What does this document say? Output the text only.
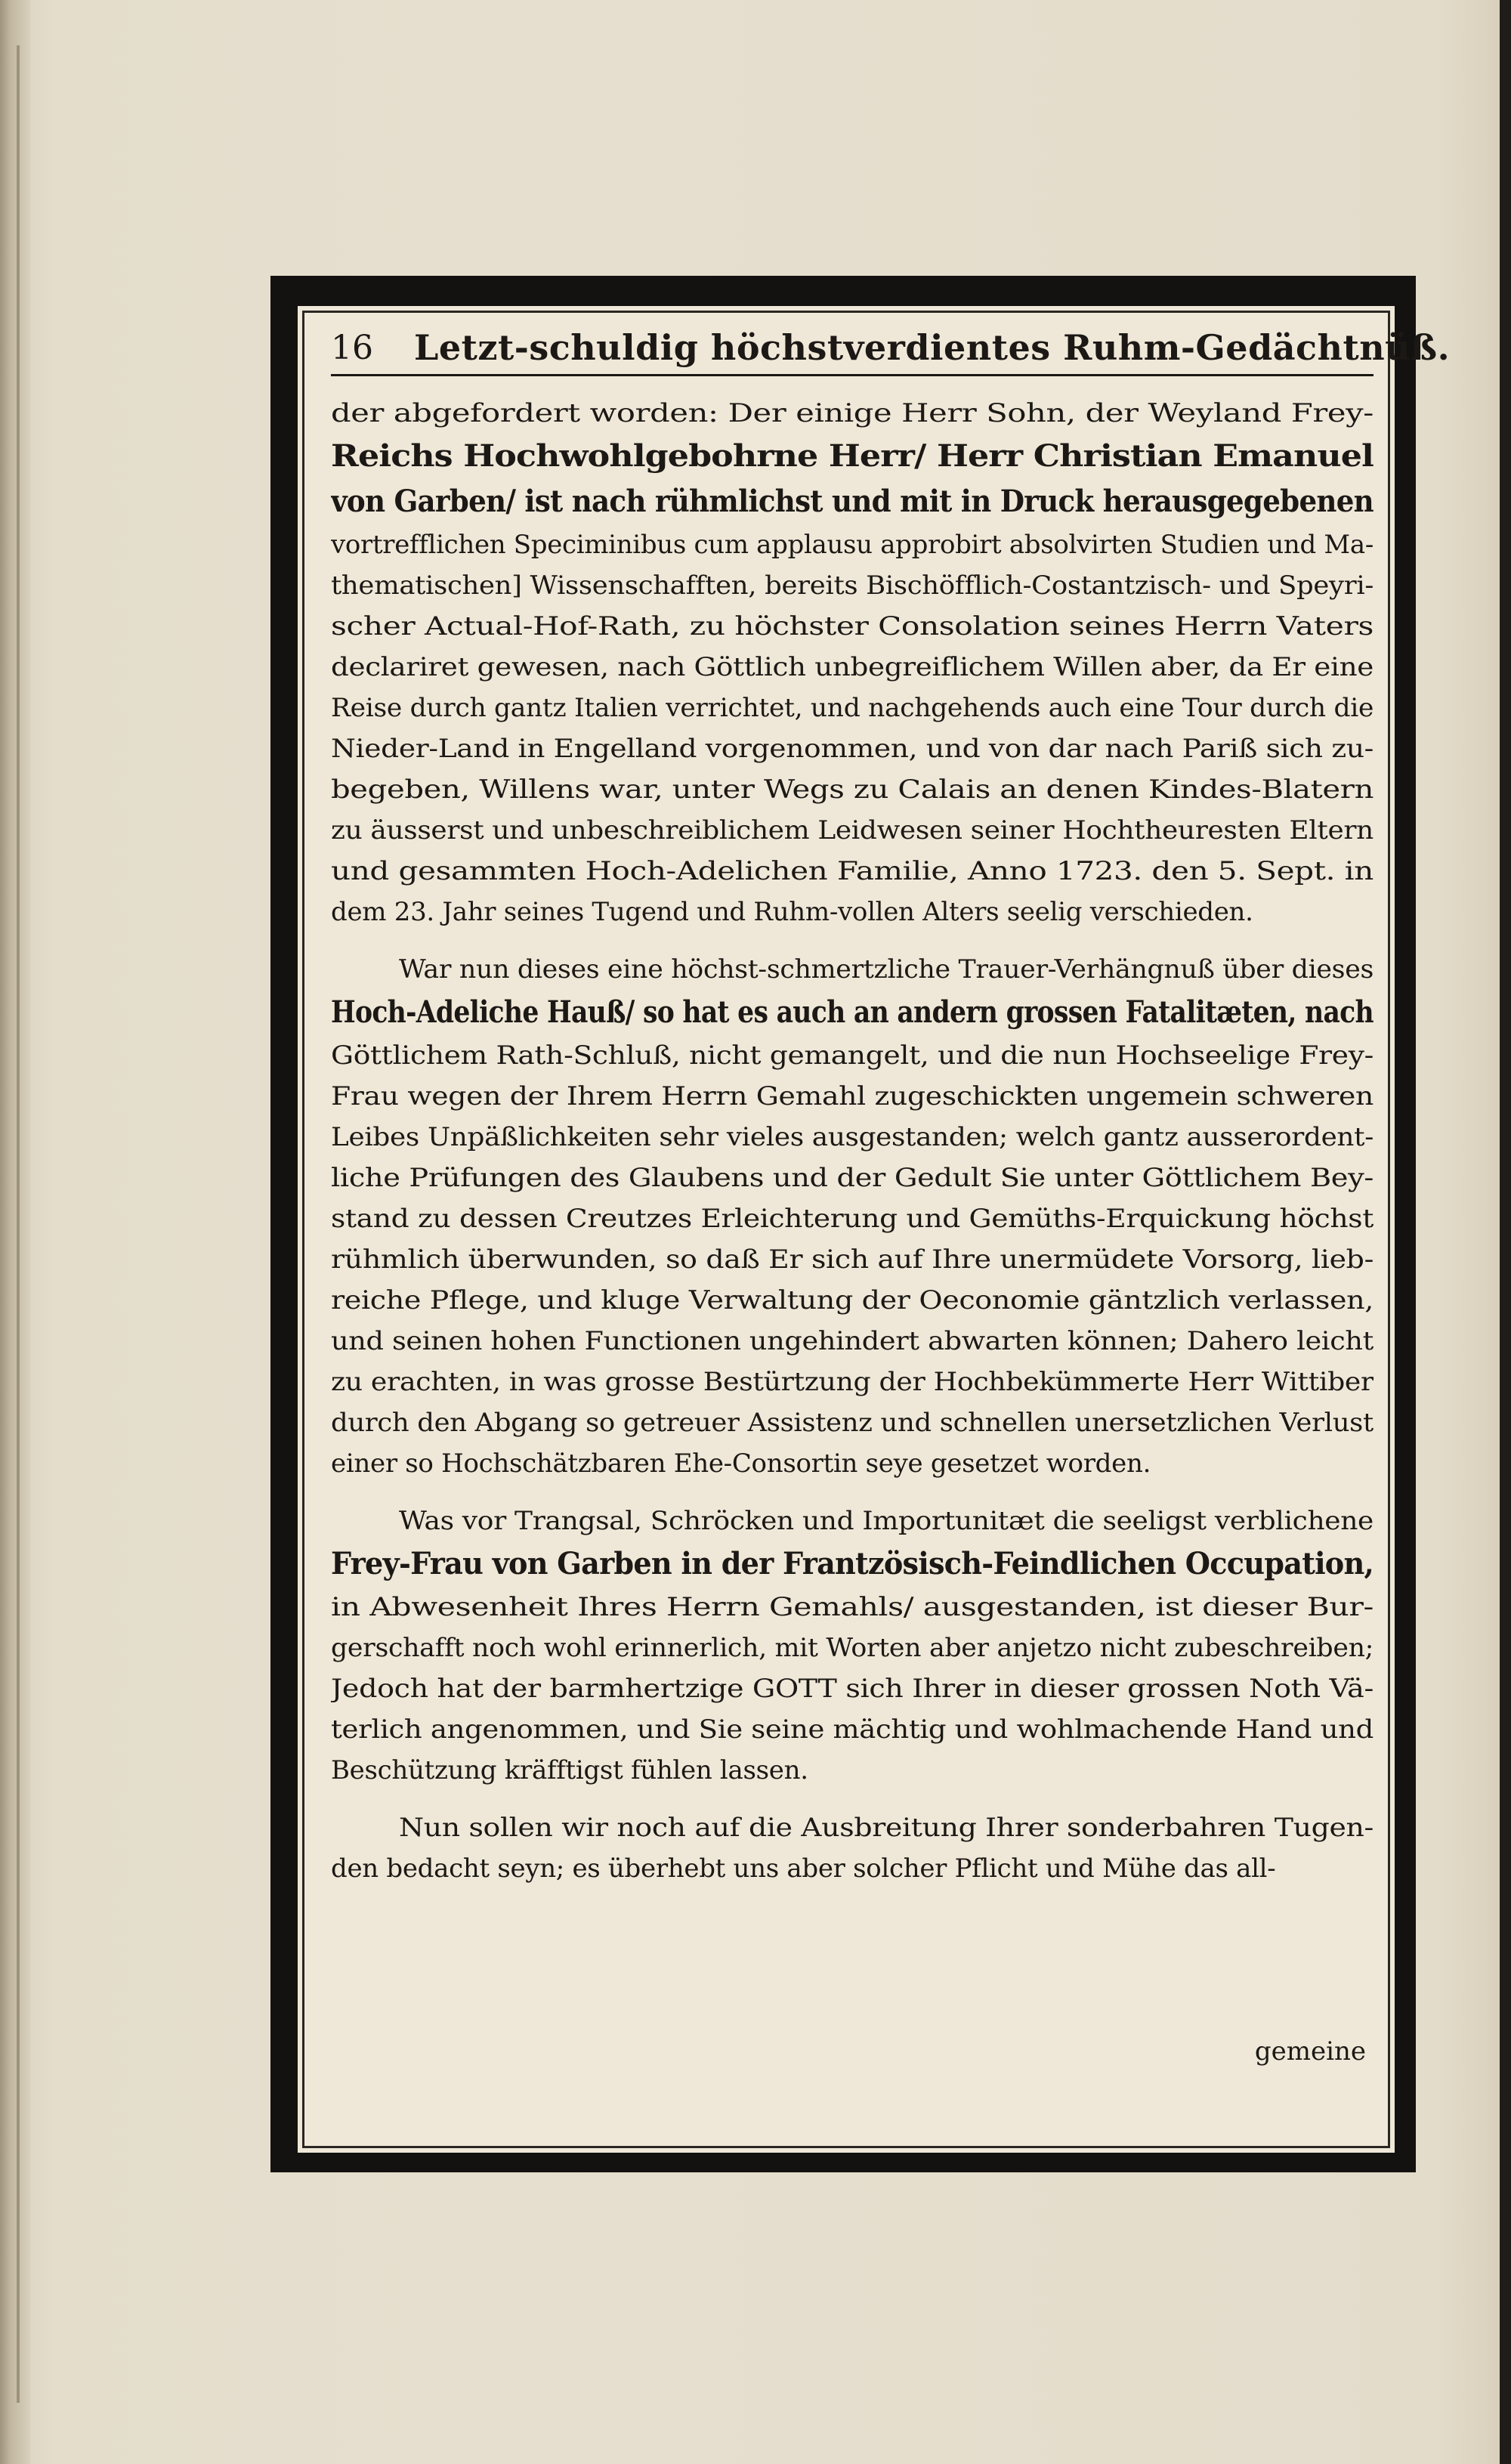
16 Letzt-schuldig höchstverdientes Ruhm-Gedächtnüß.
der abgefordert worden: Der einige Herr Sohn, der Weyland Frey-
Reichs Hochwohlgebohrne Herr/ Herr Christian Emanuel
von Garben/ ist nach rühmlichst und mit in Druck herausgegebenen
vortrefflichen Speciminibus cum applausu approbirt absolvirten Studien und Ma-
thematischen] Wissenschafften, bereits Bischöfflich-Costantzisch- und Speyri-
scher Actual-Hof-Rath, zu höchster Consolation seines Herrn Vaters
declariret gewesen, nach Göttlich unbegreiflichem Willen aber, da Er eine
Reise durch gantz Italien verrichtet, und nachgehends auch eine Tour durch die
Nieder-Land in Engelland vorgenommen, und von dar nach Pariß sich zu-
begeben, Willens war, unter Wegs zu Calais an denen Kindes-Blatern
zu äusserst und unbeschreiblichem Leidwesen seiner Hochtheuresten Eltern
und gesammten Hoch-Adelichen Familie, Anno 1723. den 5. Sept. in
dem 23. Jahr seines Tugend und Ruhm-vollen Alters seelig verschieden.
War nun dieses eine höchst-schmertzliche Trauer-Verhängnuß über dieses
Hoch-Adeliche Hauß/ so hat es auch an andern grossen Fatalitæten, nach
Göttlichem Rath-Schluß, nicht gemangelt, und die nun Hochseelige Frey-
Frau wegen der Ihrem Herrn Gemahl zugeschickten ungemein schweren
Leibes Unpäßlichkeiten sehr vieles ausgestanden; welch gantz ausserordent-
liche Prüfungen des Glaubens und der Gedult Sie unter Göttlichem Bey-
stand zu dessen Creutzes Erleichterung und Gemüths-Erquickung höchst
rühmlich überwunden, so daß Er sich auf Ihre unermüdete Vorsorg, lieb-
reiche Pflege, und kluge Verwaltung der Oeconomie gäntzlich verlassen,
und seinen hohen Functionen ungehindert abwarten können; Dahero leicht
zu erachten, in was grosse Bestürtzung der Hochbekümmerte Herr Wittiber
durch den Abgang so getreuer Assistenz und schnellen unersetzlichen Verlust
einer so Hochschätzbaren Ehe-Consortin seye gesetzet worden.
Was vor Trangsal, Schröcken und Importunitæt die seeligst verblichene
Frey-Frau von Garben in der Frantzösisch-Feindlichen Occupation,
in Abwesenheit Ihres Herrn Gemahls/ ausgestanden, ist dieser Bur-
gerschafft noch wohl erinnerlich, mit Worten aber anjetzo nicht zubeschreiben;
Jedoch hat der barmhertzige GOTT sich Ihrer in dieser grossen Noth Vä-
terlich angenommen, und Sie seine mächtig und wohlmachende Hand und
Beschützung kräfftigst fühlen lassen.
Nun sollen wir noch auf die Ausbreitung Ihrer sonderbahren Tugen-
den bedacht seyn; es überhebt uns aber solcher Pflicht und Mühe das all-
gemeine
